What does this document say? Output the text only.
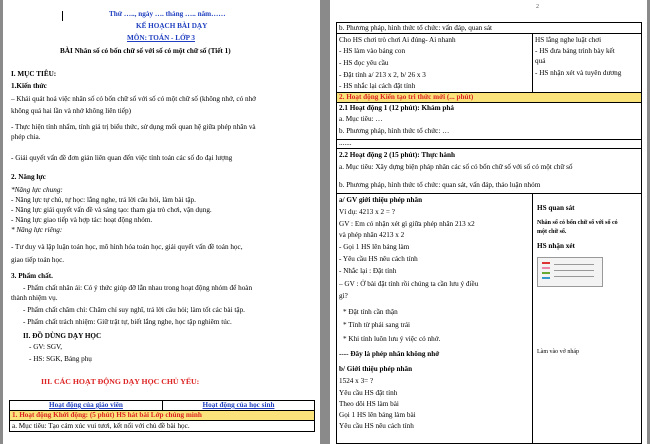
Thứ ….., ngày …. tháng ….. năm……
KẾ HOẠCH BÀI DẠY
MÔN: TOÁN - LỚP 3
BÀI Nhân số có bốn chữ số với số có một chữ số (Tiết 1)
I. MỤC TIÊU:
1.Kiến thức
– Khái quát hoá việc nhân số có bốn chữ số với số có một chữ số (không nhớ, có nhớ
không quá hai lần và nhớ không liên tiếp)
- Thực hiện tính nhẩm, tính giá trị biểu thức, sử dụng mối quan hệ giữa phép nhân và
phép chia.
- Giải quyết vấn đề đơn giản liên quan đến việc tính toán các số đo đại lượng
2. Năng lực
*Năng lực chung:
- Năng lực tự chủ, tự học: lắng nghe, trả lời câu hỏi, làm bài tập.
- Năng lực giải quyết vấn đề và sáng tạo: tham gia trò chơi, vận dụng.
- Năng lực giao tiếp và hợp tác: hoạt động nhóm.
* Năng lực riêng:
- Tư duy và lập luận toán học, mô hình hóa toán học, giải quyết vấn đề toán học,
giao tiếp toán học.
3. Phẩm chất.
- Phẩm chất nhân ái: Có ý thức giúp đỡ lẫn nhau trong hoạt động nhóm để hoàn
thành nhiệm vụ.
- Phẩm chất chăm chỉ: Chăm chỉ suy nghĩ, trả lời câu hỏi; làm tốt các bài tập.
- Phẩm chất trách nhiệm: Giữ trật tự, biết lắng nghe, học tập nghiêm túc.
II. ĐỒ DÙNG DẠY HỌC
- GV: SGV,
- HS: SGK, Bảng phụ
III. CÁC HOẠT ĐỘNG DẠY HỌC CHỦ YẾU:
Hoạt động của giáo viên	Hoạt động của học sinh
1. Hoạt động Khởi động: (5 phút) HS hát bài Lớp chúng mình
a. Mục tiêu: Tạo cảm xúc vui tươi, kết nối với chủ đề bài học.
2
b. Phương pháp, hình thức tổ chức: vấn đáp, quan sát
Cho HS chơi trò chơi Ai đúng- Ai nhanh
- HS làm vào bảng con
- HS đọc yêu cầu
- Đặt tính a/ 213 x 2, b/ 26 x 3
- HS nhắc lại cách đặt tính
HS lắng nghe luật chơi
- HS đưa bảng trình bày kết
quả
- HS nhận xét và tuyên dương
2. Hoạt động Kiến tạo tri thức mới (... phút)
2.1 Hoạt động 1 (12 phút): Khám phá
a. Mục tiêu: …
b. Phương pháp, hình thức tổ chức: …
.......
2.2 Hoạt động 2 (15 phút): Thực hành
a. Mục tiêu: Xây dựng biện pháp nhân các số có bốn chữ số với số có một chữ số
b. Phương pháp, hình thức tổ chức: quan sát, vấn đáp, thảo luận nhóm
a/ GV giới thiệu phép nhân
Ví dụ: 4213 x 2 = ?
GV : Em có nhận xét gì giữa phép nhân 213 x2
và phép nhân 4213 x 2
- Gọi 1 HS lên bảng làm
- Yêu cầu HS nêu cách tính
- Nhắc lại : Đặt tính
– GV : Ở bài đặt tính rồi chúng ta cần lưu ý điều
gì?
* Đặt tính cần thận
* Tính từ phải sang trái
* Khi tính luôn lưu ý việc có nhớ.
---- Đây là phép nhân không nhớ
b/ Giới thiệu phép nhân
1524 x 3= ?
Yêu cầu HS đặt tính
Theo dõi HS làm bài
Gọi 1 HS lên bảng làm bài
Yêu cầu HS nêu cách tính
HS quan sát
Nhân số có bốn chữ số với số có
một chữ số.
HS nhận xét
Làm vào vở nháp
